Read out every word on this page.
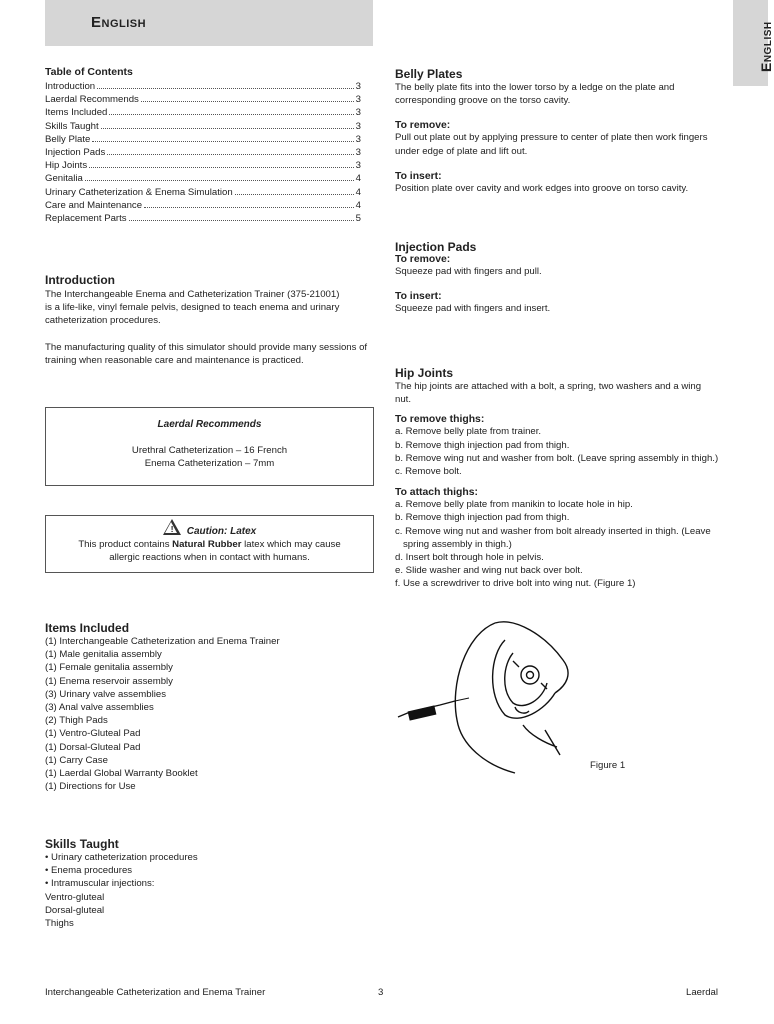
English	English
Table of Contents
Introduction	3
Laerdal Recommends	3
Items Included	3
Skills Taught	3
Belly Plate	3
Injection Pads	3
Hip Joints	3
Genitalia	4
Urinary Catheterization & Enema Simulation	4
Care and Maintenance	4
Replacement Parts	5
Introduction
The Interchangeable Enema and Catheterization Trainer (375-21001)
is a life-like, vinyl female pelvis, designed to teach enema and urinary
catheterization procedures.
The manufacturing quality of this simulator should provide many sessions of
training when reasonable care and maintenance is practiced.
Laerdal Recommends
Urethral Catheterization – 16 French
Enema Catheterization – 7mm
! Caution: Latex
This product contains Natural Rubber latex which may cause
allergic reactions when in contact with humans.
Items Included
(1) Interchangeable Catheterization and Enema Trainer
(1) Male genitalia assembly
(1) Female genitalia assembly
(1) Enema reservoir assembly
(3) Urinary valve assemblies
(3) Anal valve assemblies
(2) Thigh Pads
(1) Ventro-Gluteal Pad
(1) Dorsal-Gluteal Pad
(1) Carry Case
(1) Laerdal Global Warranty Booklet
(1) Directions for Use
Skills Taught
• Urinary catheterization procedures
• Enema procedures
• Intramuscular injections:
Ventro-gluteal
Dorsal-gluteal
Thighs
Belly Plates
The belly plate fits into the lower torso by a ledge on the plate and
corresponding groove on the torso cavity.
To remove:
Pull out plate out by applying pressure to center of plate then work fingers
under edge of plate and lift out.
To insert:
Position plate over cavity and work edges into groove on torso cavity.
Injection Pads
To remove:
Squeeze pad with fingers and pull.
To insert:
Squeeze pad with fingers and insert.
Hip Joints
The hip joints are attached with a bolt, a spring, two washers and a wing
nut.
To remove thighs:
a. Remove belly plate from trainer.
b. Remove thigh injection pad from thigh.
b. Remove wing nut and washer from bolt. (Leave spring assembly in thigh.)
c. Remove bolt.
To attach thighs:
a. Remove belly plate from manikin to locate hole in hip.
b. Remove thigh injection pad from thigh.
c. Remove wing nut and washer from bolt already inserted in thigh. (Leave spring assembly in thigh.)
d. Insert bolt through hole in pelvis.
e. Slide washer and wing nut back over bolt.
f. Use a screwdriver to drive bolt into wing nut. (Figure 1)
Figure 1
Interchangeable Catheterization and Enema Trainer	3	Laerdal
